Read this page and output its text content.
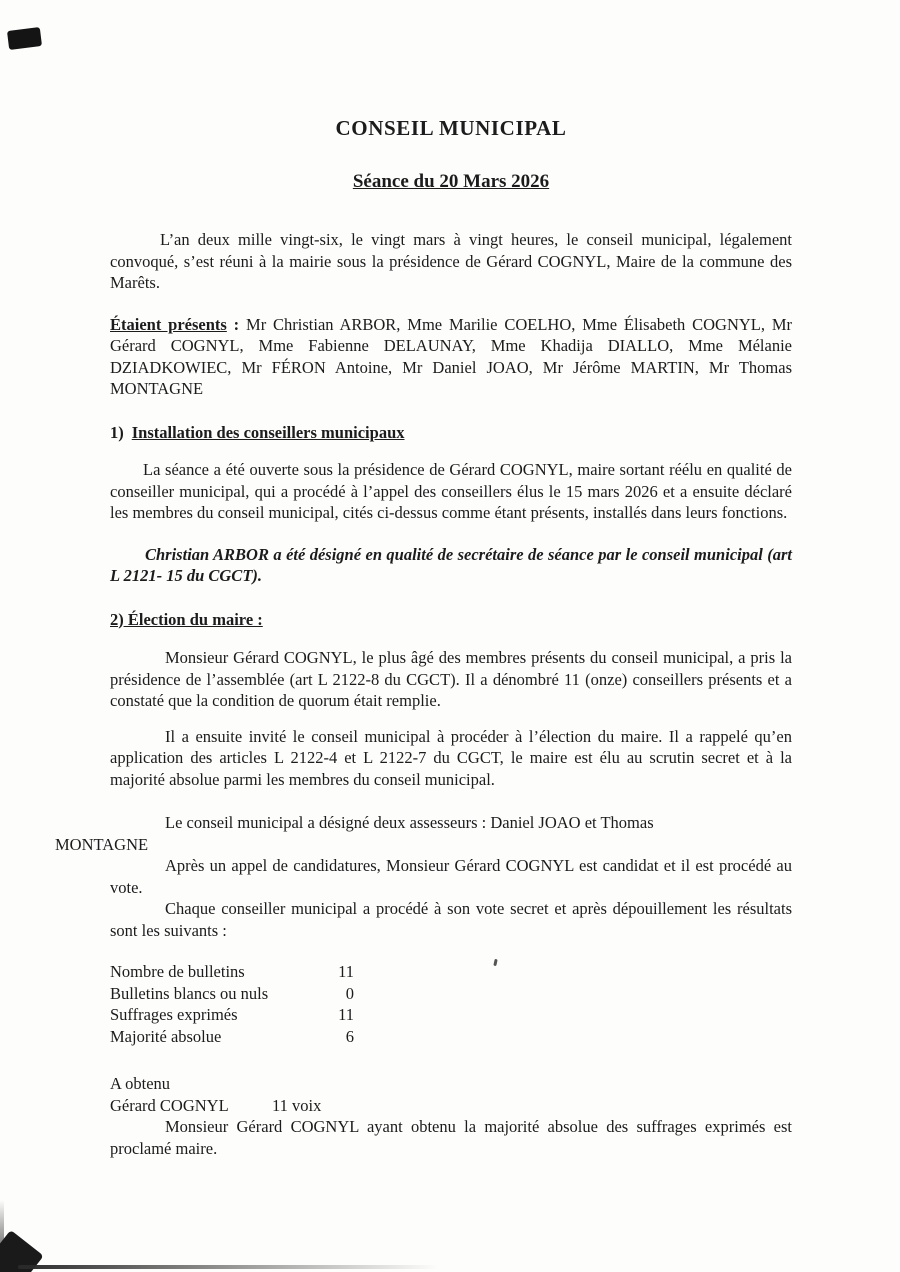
CONSEIL MUNICIPAL
Séance du 20 Mars 2026

L’an deux mille vingt-six, le vingt mars à vingt heures, le conseil municipal, légalement convoqué, s’est réuni à la mairie sous la présidence de Gérard COGNYL, Maire de la commune des Marêts.

Étaient présents : Mr Christian ARBOR, Mme Marilie COELHO, Mme Élisabeth COGNYL, Mr Gérard COGNYL, Mme Fabienne DELAUNAY, Mme Khadija DIALLO, Mme Mélanie DZIADKOWIEC, Mr FÉRON Antoine, Mr Daniel JOAO, Mr Jérôme MARTIN, Mr Thomas MONTAGNE

1) Installation des conseillers municipaux

La séance a été ouverte sous la présidence de Gérard COGNYL, maire sortant réélu en qualité de conseiller municipal, qui a procédé à l’appel des conseillers élus le 15 mars 2026 et a ensuite déclaré les membres du conseil municipal, cités ci-dessus comme étant présents, installés dans leurs fonctions.

Christian ARBOR a été désigné en qualité de secrétaire de séance par le conseil municipal (art L 2121- 15 du CGCT).

2) Élection du maire :

Monsieur Gérard COGNYL, le plus âgé des membres présents du conseil municipal, a pris la présidence de l’assemblée (art L 2122-8 du CGCT). Il a dénombré 11 (onze) conseillers présents et a constaté que la condition de quorum était remplie.

Il a ensuite invité le conseil municipal à procéder à l’élection du maire. Il a rappelé qu’en application des articles L 2122-4 et L 2122-7 du CGCT, le maire est élu au scrutin secret et à la majorité absolue parmi les membres du conseil municipal.

Le conseil municipal a désigné deux assesseurs : Daniel JOAO et Thomas
MONTAGNE

Après un appel de candidatures, Monsieur Gérard COGNYL est candidat et il est procédé au vote.

Chaque conseiller municipal a procédé à son vote secret et après dépouillement les résultats sont les suivants :

Nombre de bulletins	11
Bulletins blancs ou nuls	0
Suffrages exprimés	11
Majorité absolue	6

A obtenu

Gérard COGNYL	11 voix

Monsieur Gérard COGNYL ayant obtenu la majorité absolue des suffrages exprimés est proclamé maire.
